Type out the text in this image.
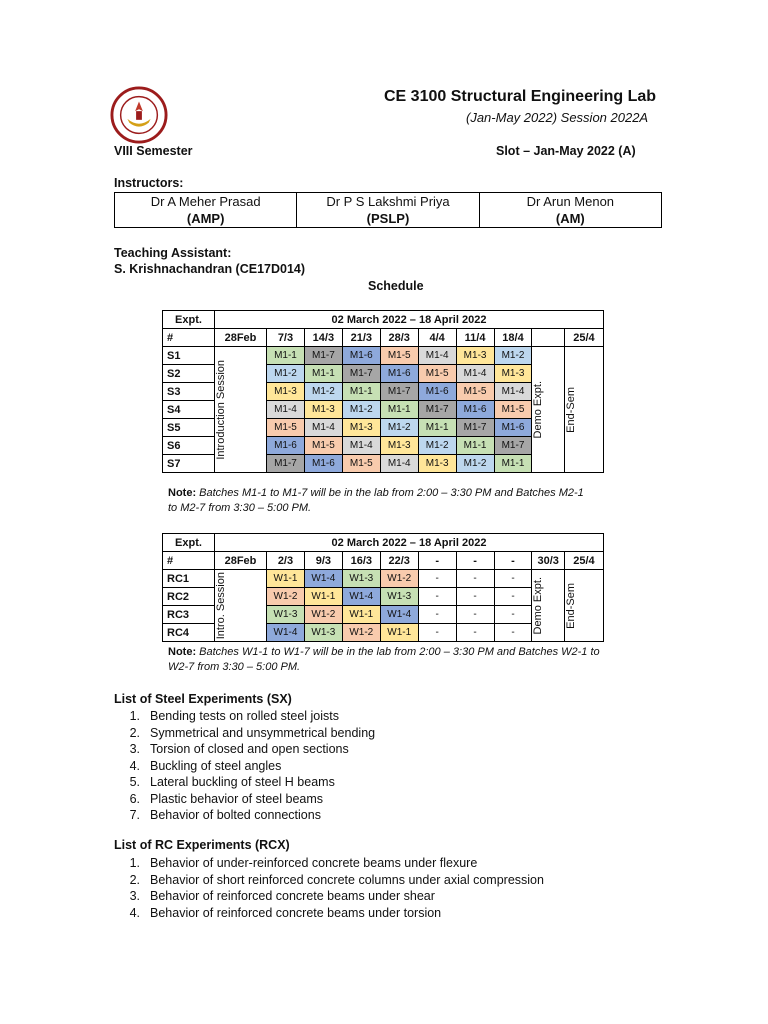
CE 3100 Structural Engineering Lab
(Jan-May 2022) Session 2022A
VIII Semester	Slot – Jan-May 2022 (A)
Instructors:
Dr A Meher Prasad
(AMP)
	Dr P S Lakshmi Priya
(PSLP)
	Dr Arun Menon
(AM)
Teaching Assistant:
S. Krishnachandran (CE17D014)
Schedule
Expt.	02 March 2022 – 18 April 2022									
#	28Feb	7/3	14/3	21/3	28/3	4/4	11/4	18/4		25/4
S1	Introduction Session	M1-1	M1-7	M1-6	M1-5	M1-4	M1-3	M1-2	Demo Expt.	End-Sem

S2		M1-2	M1-1	M1-7	M1-6	M1-5	M1-4	M1-3		
S3		M1-3	M1-2	M1-1	M1-7	M1-6	M1-5	M1-4		
S4		M1-4	M1-3	M1-2	M1-1	M1-7	M1-6	M1-5		
S5		M1-5	M1-4	M1-3	M1-2	M1-1	M1-7	M1-6		
S6		M1-6	M1-5	M1-4	M1-3	M1-2	M1-1	M1-7		
S7		M1-7	M1-6	M1-5	M1-4	M1-3	M1-2	M1-1		
Note: Batches M1-1 to M1-7 will be in the lab from 2:00 – 3:30 PM and Batches M2-1 to M2-7 from 3:30 – 5:00 PM.
Expt.	02 March 2022 – 18 April 2022									
#	28Feb	2/3	9/3	16/3	22/3	-	-	-	30/3	25/4
RC1	Intro. Session	W1-1	W1-4	W1-3	W1-2	-	-	-	Demo Expt.	End-Sem

RC2		W1-2	W1-1	W1-4	W1-3	-	-	-		
RC3		W1-3	W1-2	W1-1	W1-4	-	-	-		
RC4		W1-4	W1-3	W1-2	W1-1	-	-	-		
Note: Batches W1-1 to W1-7 will be in the lab from 2:00 – 3:30 PM and Batches W2-1 to W2-7 from 3:30 – 5:00 PM.
List of Steel Experiments (SX)
1. Bending tests on rolled steel joists
2. Symmetrical and unsymmetrical bending
3. Torsion of closed and open sections
4. Buckling of steel angles
5. Lateral buckling of steel H beams
6. Plastic behavior of steel beams
7. Behavior of bolted connections
List of RC Experiments (RCX)
1. Behavior of under-reinforced concrete beams under flexure
2. Behavior of short reinforced concrete columns under axial compression
3. Behavior of reinforced concrete beams under shear
4. Behavior of reinforced concrete beams under torsion
